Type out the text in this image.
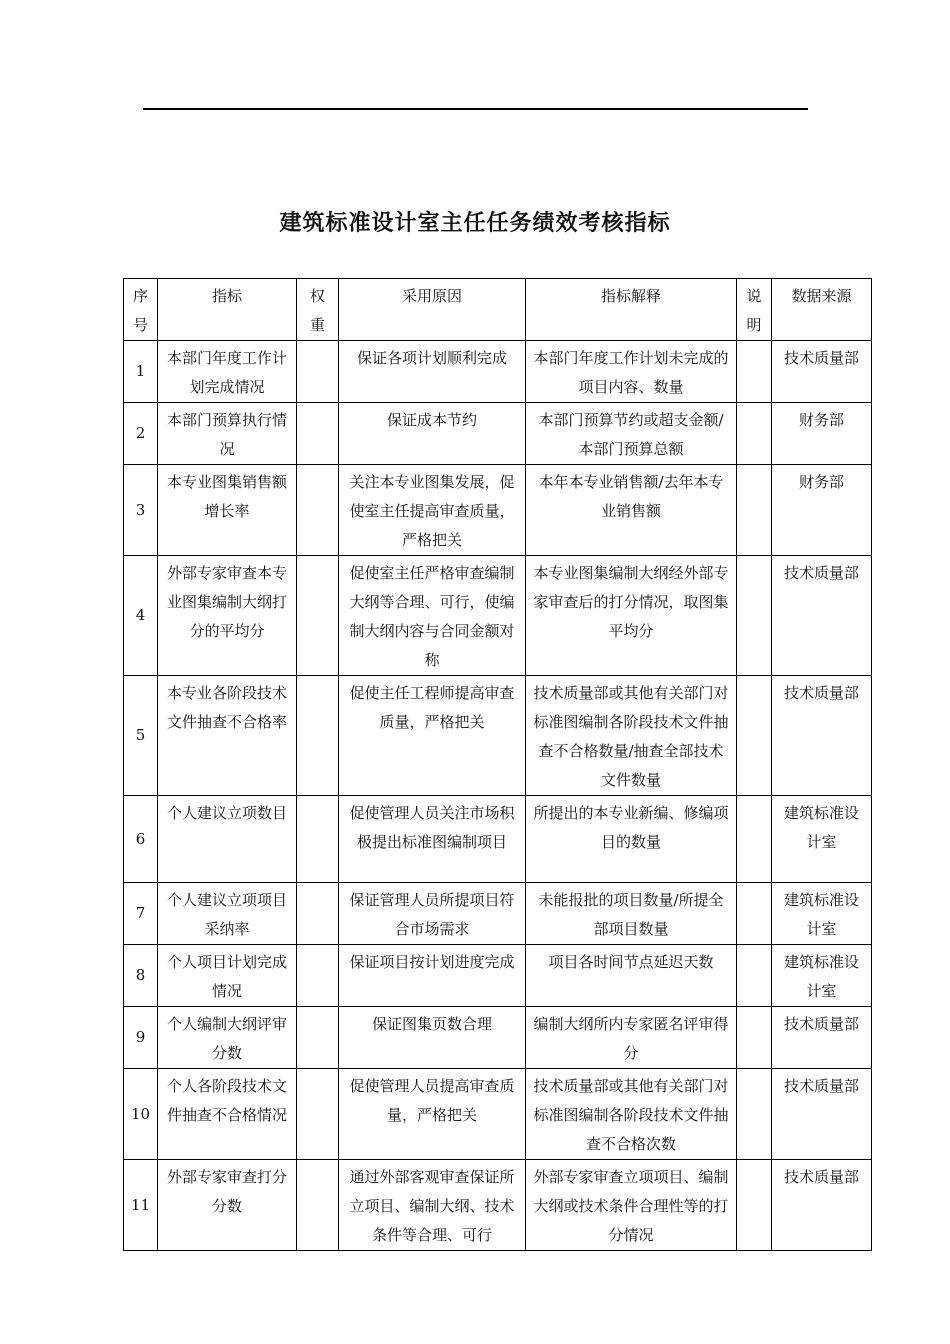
建筑标准设计室主任任务绩效考核指标
序号	指标	权重	采用原因	指标解释	说明	数据来源
1	本部门年度工作计划完成情况		保证各项计划顺利完成	本部门年度工作计划未完成的项目内容、数量		技术质量部
2	本部门预算执行情况		保证成本节约	本部门预算节约或超支金额/本部门预算总额		财务部
3	本专业图集销售额增长率		关注本专业图集发展，促使室主任提高审查质量，严格把关	本年本专业销售额/去年本专业销售额		财务部
4	外部专家审查本专业图集编制大纲打分的平均分		促使室主任严格审查编制大纲等合理、可行，使编制大纲内容与合同金额对称	本专业图集编制大纲经外部专家审查后的打分情况，取图集平均分		技术质量部
5	本专业各阶段技术文件抽查不合格率		促使主任工程师提高审查质量，严格把关	技术质量部或其他有关部门对标准图编制各阶段技术文件抽查不合格数量/抽查全部技术文件数量		技术质量部
6	个人建议立项数目		促使管理人员关注市场积极提出标准图编制项目	所提出的本专业新编、修编项目的数量		建筑标准设计室
7	个人建议立项项目采纳率		保证管理人员所提项目符合市场需求	未能报批的项目数量/所提全部项目数量		建筑标准设计室
8	个人项目计划完成情况		保证项目按计划进度完成	项目各时间节点延迟天数		建筑标准设计室
9	个人编制大纲评审分数		保证图集页数合理	编制大纲所内专家匿名评审得分		技术质量部
10	个人各阶段技术文件抽查不合格情况		促使管理人员提高审查质量，严格把关	技术质量部或其他有关部门对标准图编制各阶段技术文件抽查不合格次数		技术质量部
11	外部专家审查打分分数		通过外部客观审查保证所立项目、编制大纲、技术条件等合理、可行	外部专家审查立项项目、编制大纲或技术条件合理性等的打分情况		技术质量部
